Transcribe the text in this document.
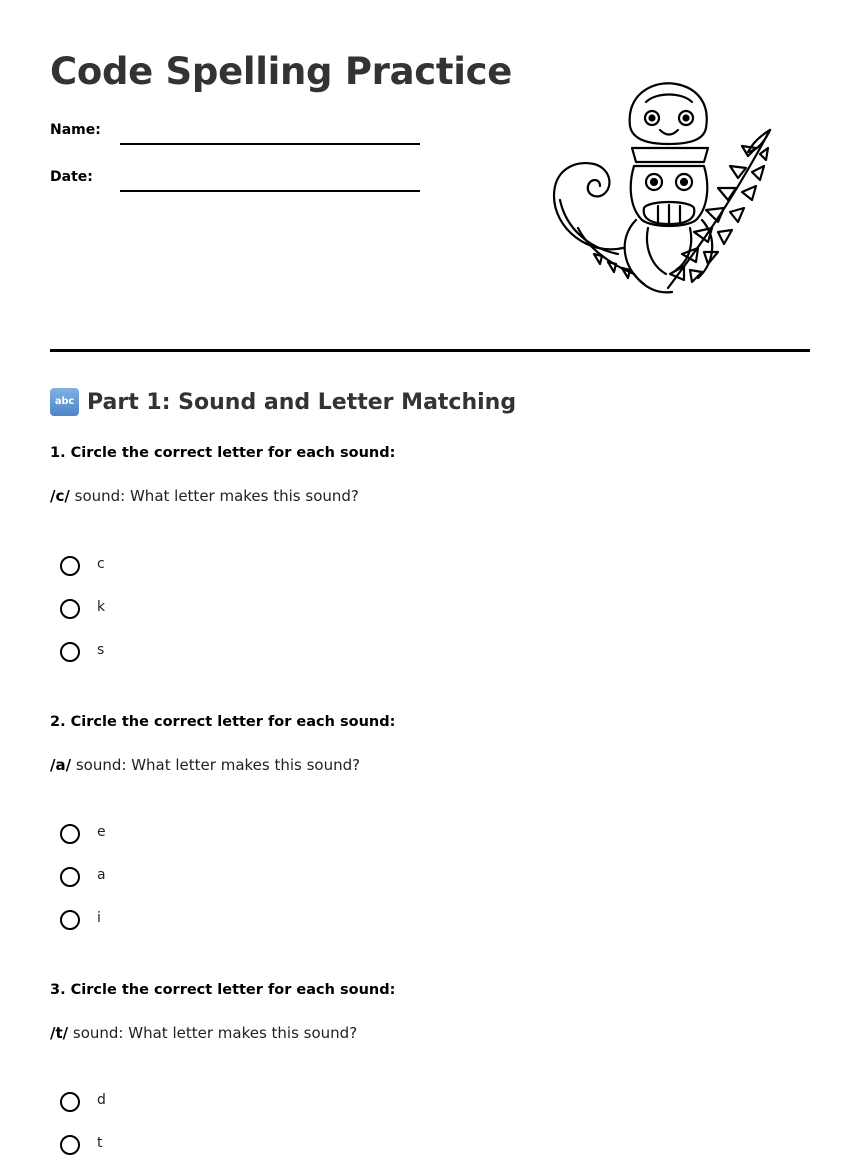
Code Spelling Practice
Name:
Date:
abc Part 1: Sound and Letter Matching
1. Circle the correct letter for each sound:
/c/ sound: What letter makes this sound?
c
k
s
2. Circle the correct letter for each sound:
/a/ sound: What letter makes this sound?
e
a
i
3. Circle the correct letter for each sound:
/t/ sound: What letter makes this sound?
d
t
